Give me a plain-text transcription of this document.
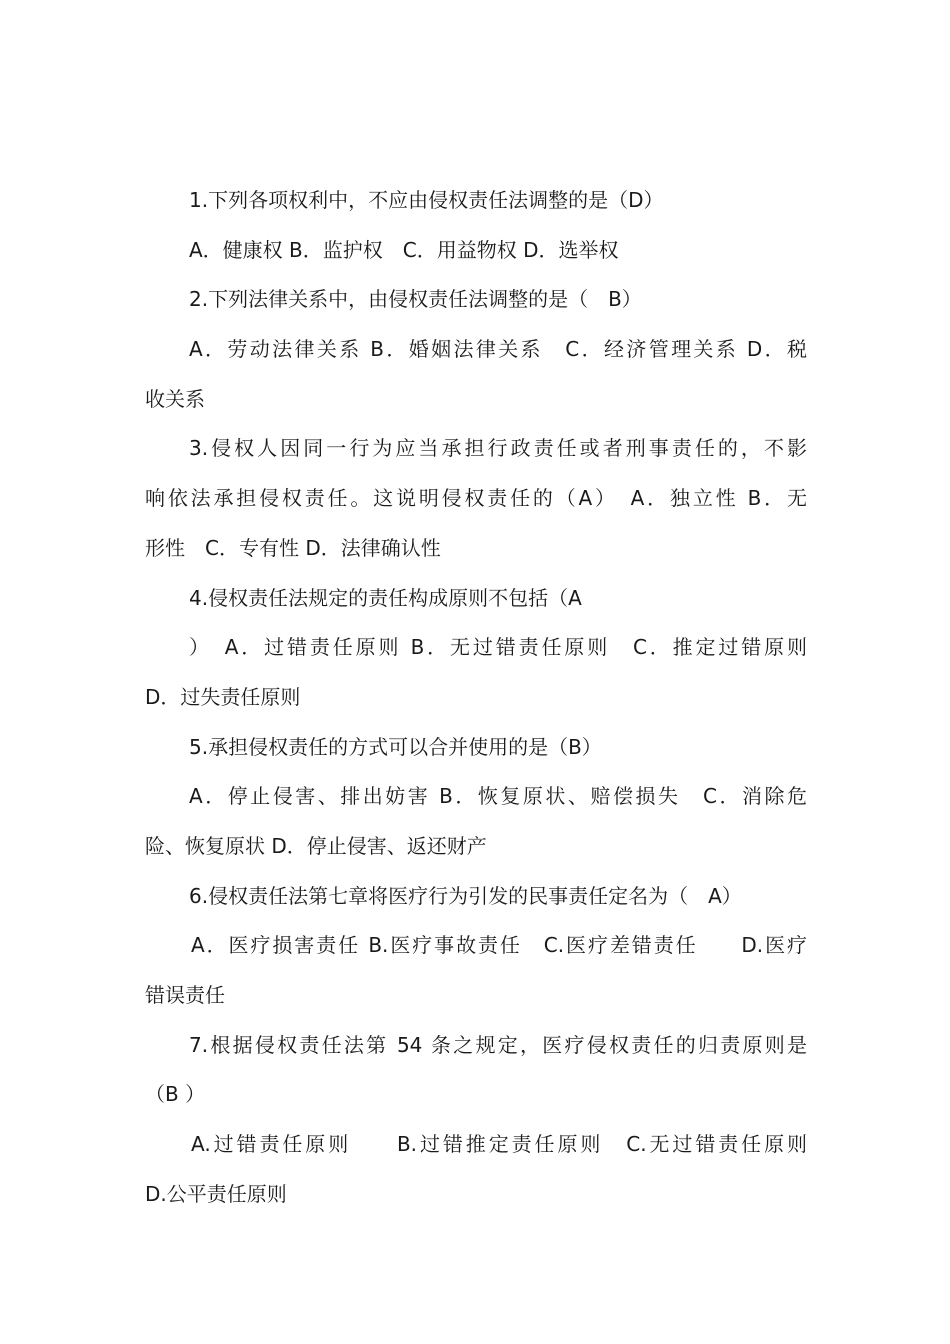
1.下列各项权利中，不应由侵权责任法调整的是（D）
A．健康权 B．监护权　C．用益物权 D．选举权
2.下列法律关系中，由侵权责任法调整的是（　B）
A．劳动法律关系 B．婚姻法律关系　C．经济管理关系 D．税
收关系
3.侵权人因同一行为应当承担行政责任或者刑事责任的，不影
响依法承担侵权责任。这说明侵权责任的（A）　A．独立性 B．无
形性　C．专有性 D．法律确认性
4.侵权责任法规定的责任构成原则不包括（A
）　A．过错责任原则 B．无过错责任原则　C．推定过错原则
D．过失责任原则
5.承担侵权责任的方式可以合并使用的是（B）
A．停止侵害、排出妨害 B．恢复原状、赔偿损失　C．消除危
险、恢复原状 D．停止侵害、返还财产
6.侵权责任法第七章将医疗行为引发的民事责任定名为（　A）
A．医疗损害责任 B.医疗事故责任　C.医疗差错责任　　D.医疗
错误责任
7.根据侵权责任法第 54 条之规定，医疗侵权责任的归责原则是
（B ）
A.过错责任原则　　B.过错推定责任原则　C.无过错责任原则
D.公平责任原则
